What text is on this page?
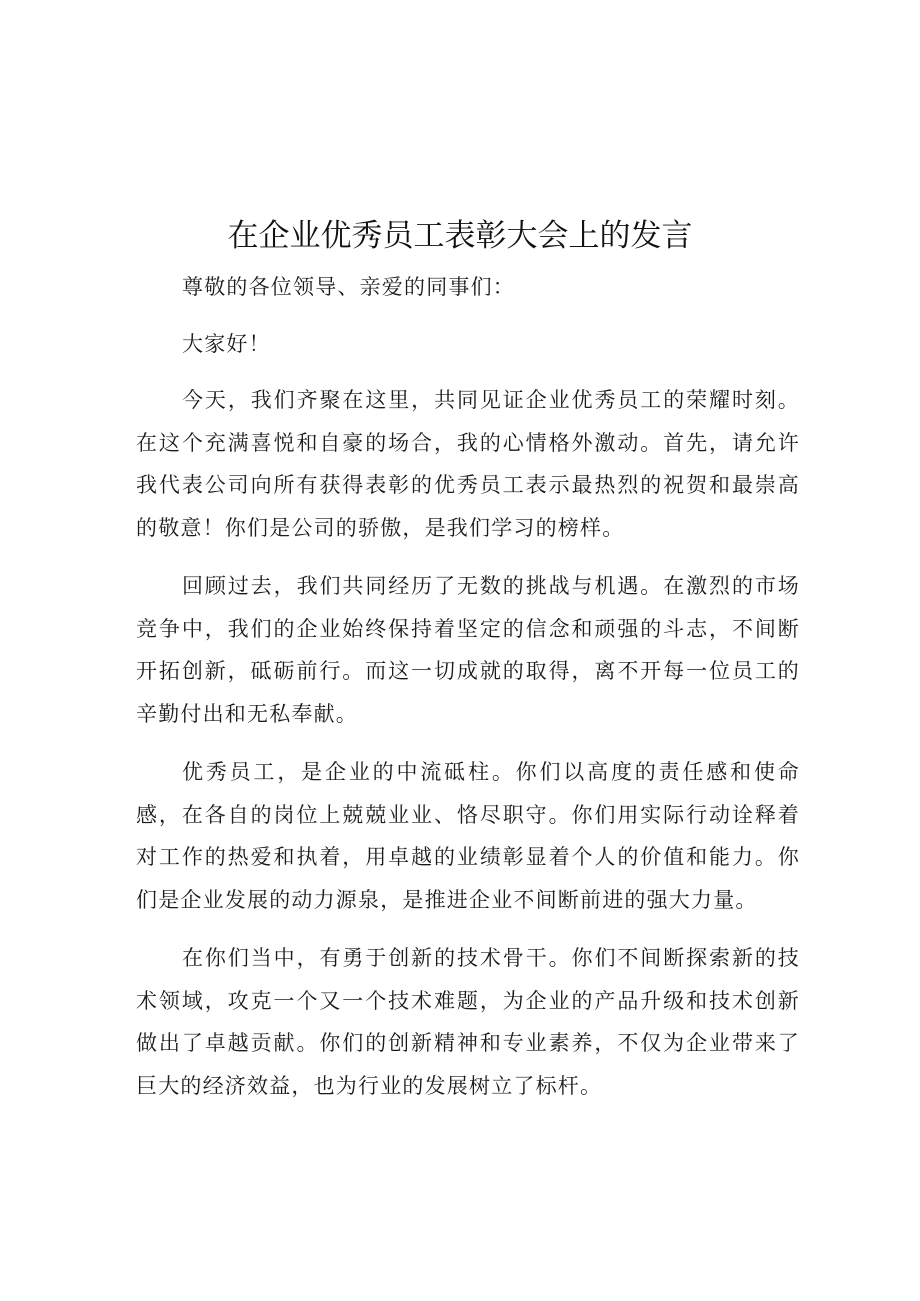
在企业优秀员工表彰大会上的发言

尊敬的各位领导、亲爱的同事们：

大家好！

今天，我们齐聚在这里，共同见证企业优秀员工的荣耀时刻。在这个充满喜悦和自豪的场合，我的心情格外激动。首先，请允许我代表公司向所有获得表彰的优秀员工表示最热烈的祝贺和最崇高的敬意！你们是公司的骄傲，是我们学习的榜样。

回顾过去，我们共同经历了无数的挑战与机遇。在激烈的市场竞争中，我们的企业始终保持着坚定的信念和顽强的斗志，不间断开拓创新，砥砺前行。而这一切成就的取得，离不开每一位员工的辛勤付出和无私奉献。

优秀员工，是企业的中流砥柱。你们以高度的责任感和使命感，在各自的岗位上兢兢业业、恪尽职守。你们用实际行动诠释着对工作的热爱和执着，用卓越的业绩彰显着个人的价值和能力。你们是企业发展的动力源泉，是推进企业不间断前进的强大力量。

在你们当中，有勇于创新的技术骨干。你们不间断探索新的技术领域，攻克一个又一个技术难题，为企业的产品升级和技术创新做出了卓越贡献。你们的创新精神和专业素养，不仅为企业带来了巨大的经济效益，也为行业的发展树立了标杆。
